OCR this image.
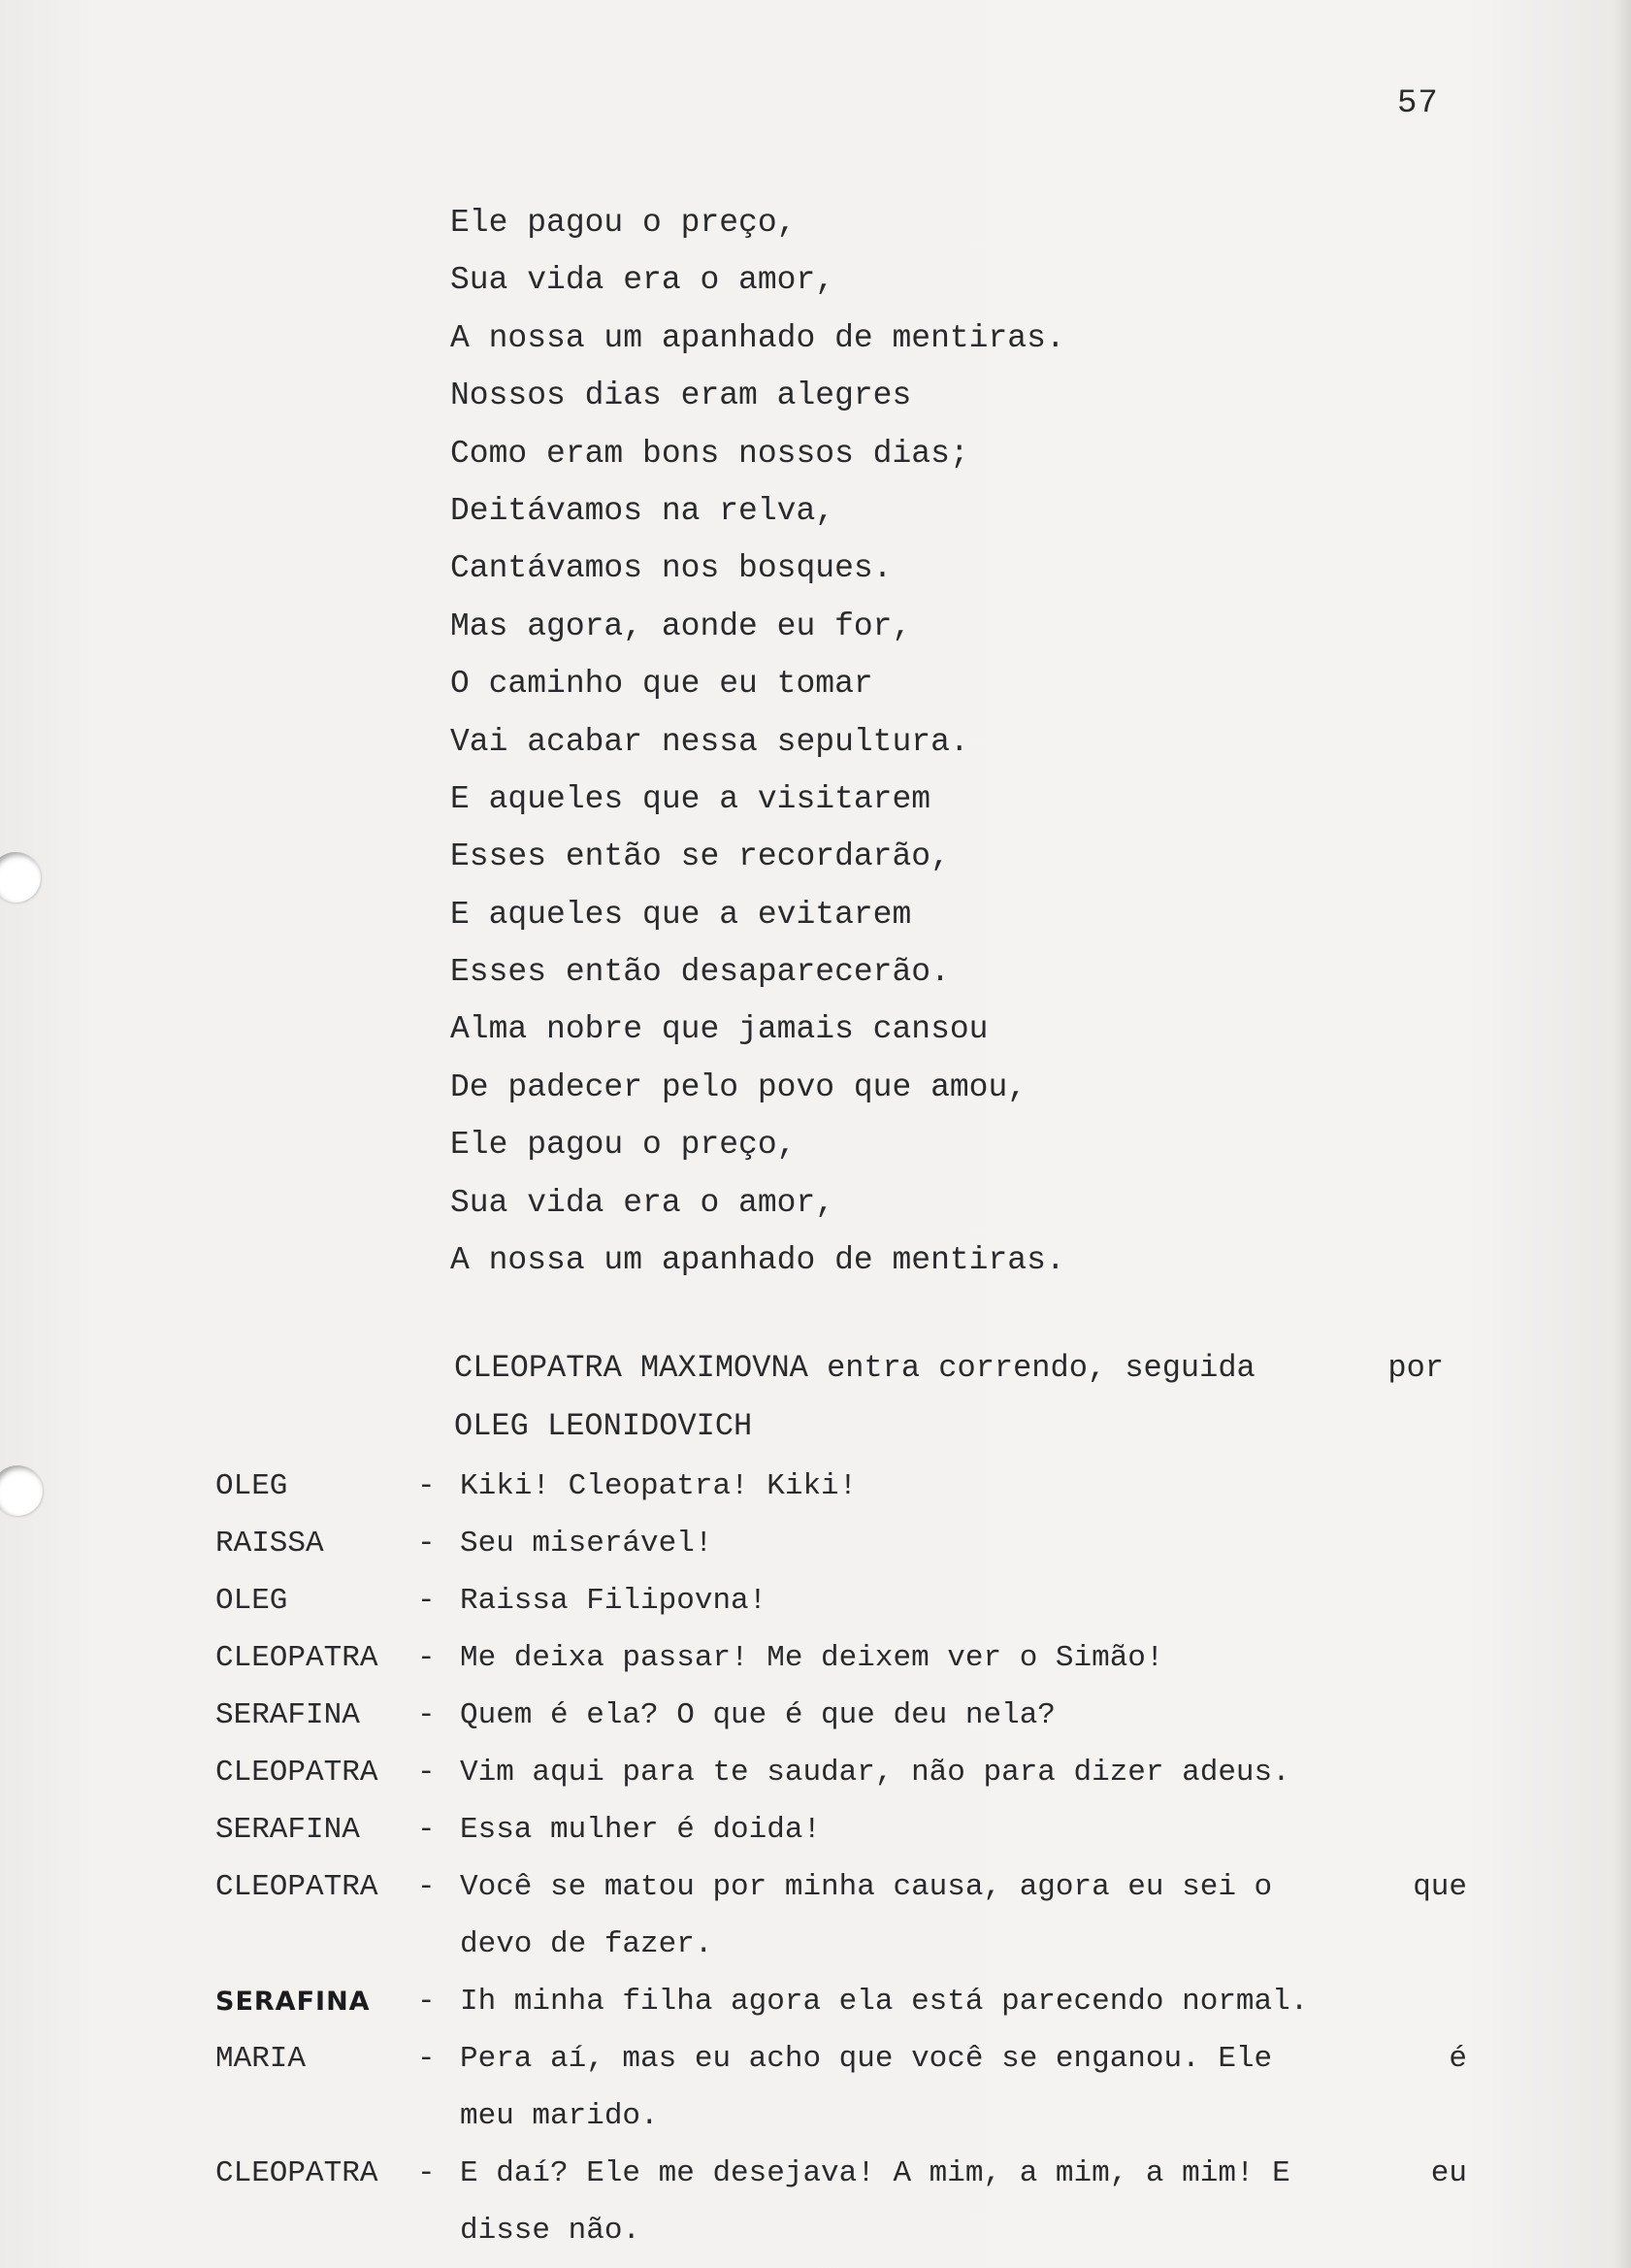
57
Ele pagou o preço,
Sua vida era o amor,
A nossa um apanhado de mentiras.
Nossos dias eram alegres
Como eram bons nossos dias;
Deitávamos na relva,
Cantávamos nos bosques.
Mas agora, aonde eu for,
O caminho que eu tomar
Vai acabar nessa sepultura.
E aqueles que a visitarem
Esses então se recordarão,
E aqueles que a evitarem
Esses então desaparecerão.
Alma nobre que jamais cansou
De padecer pelo povo que amou,
Ele pagou o preço,
Sua vida era o amor,
A nossa um apanhado de mentiras.
CLEOPATRA MAXIMOVNA entra correndo, seguida	por
OLEG LEONIDOVICH
OLEG	- Kiki! Cleopatra! Kiki!
RAISSA	- Seu miserável!
OLEG	- Raissa Filipovna!
CLEOPATRA	- Me deixa passar! Me deixem ver o Simão!
SERAFINA	- Quem é ela? O que é que deu nela?
CLEOPATRA	- Vim aqui para te saudar, não para dizer adeus.
SERAFINA	- Essa mulher é doida!
CLEOPATRA	- Você se matou por minha causa, agora eu sei o	que
devo de fazer.
SERAFINA	- Ih minha filha agora ela está parecendo normal.
MARIA	- Pera aí, mas eu acho que você se enganou. Ele	é
meu marido.
CLEOPATRA	- E daí? Ele me desejava! A mim, a mim, a mim! E	eu
disse não.
